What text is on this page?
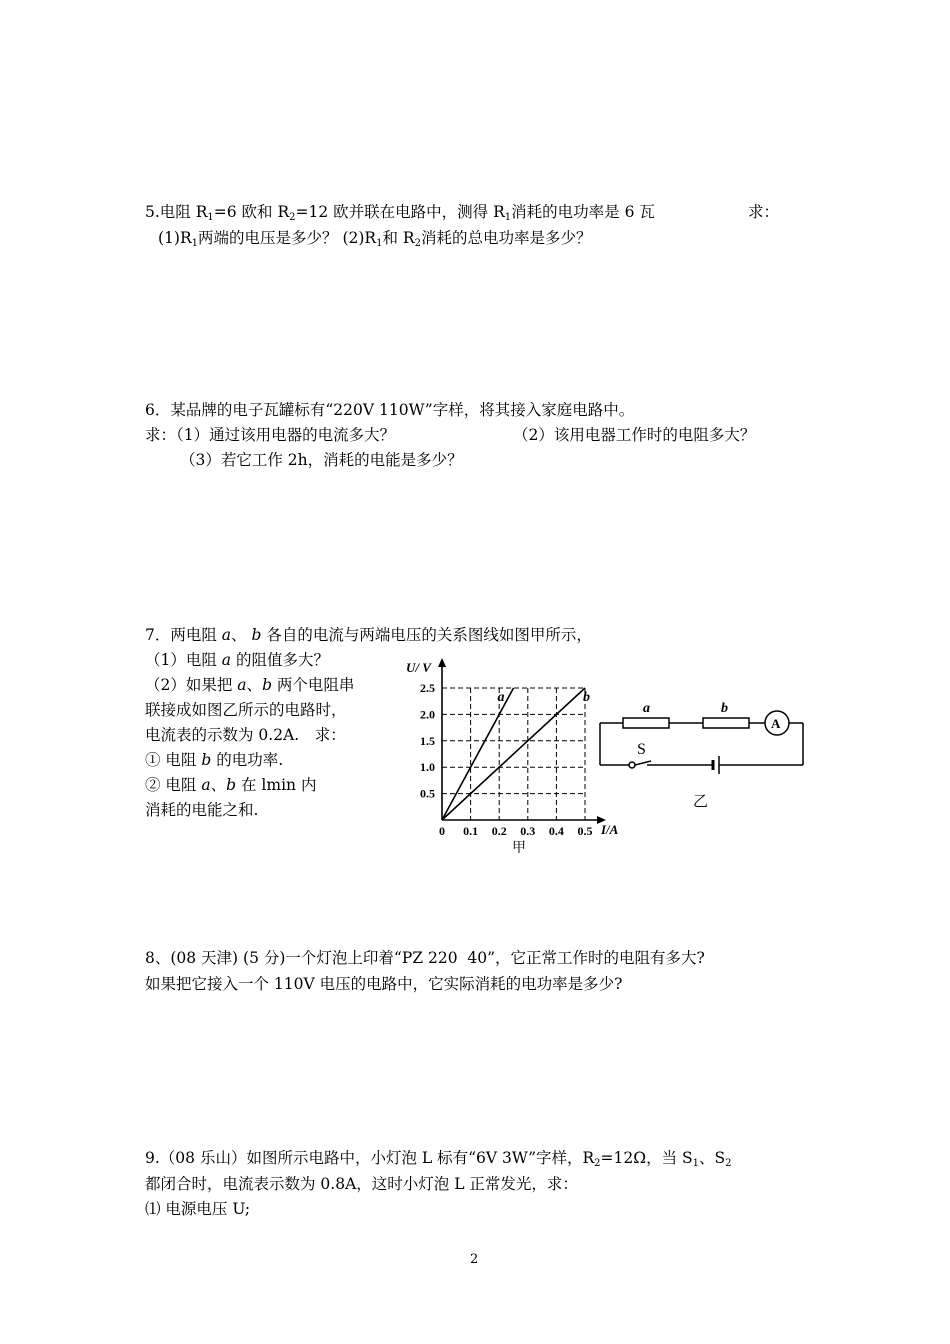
5.电阻 $R_1=6$ 欧和 $R_2=12$ 欧并联在电路中，测得 $R_1$消耗的电功率是 6 瓦	求：
$(1)R_1$两端的电压是多少？ $(2)R_1$和 $R_2$消耗的总电功率是多少？
6．某品牌的电子瓦罐标有“220V 110W”字样，将其接入家庭电路中。
求：（1）通过该用电器的电流多大？	（2）该用电器工作时的电阻多大？
（3）若它工作 2h，消耗的电能是多少？
7．两电阻 a、 b 各自的电流与两端电压的关系图线如图甲所示，
（1）电阻 a 的阻值多大？
（2）如果把 a、b 两个电阻串
联接成如图乙所示的电路时，
电流表的示数为 0.2A.　求：
① 电阻 b 的电功率.
② 电阻 a、b 在 lmin 内
消耗的电能之和.
a	b
0 0.1 0.2 0.3 0.4 0.5
0.5
1.0
1.5
2.0
2.5
U/ V
I/A
甲
a	b
A
S
乙
8、(08 天津) (5 分)一个灯泡上印着“PZ 220  40”，它正常工作时的电阻有多大?
如果把它接入一个 110V 电压的电路中，它实际消耗的电功率是多少?
9.（08 乐山）如图所示电路中，小灯泡 L 标有“6V 3W”字样，$R_2=12\Omega$，当 $S_1$、$S_2$
都闭合时，电流表示数为 0.8A，这时小灯泡 L 正常发光，求：
⑴ 电源电压 U;
2
